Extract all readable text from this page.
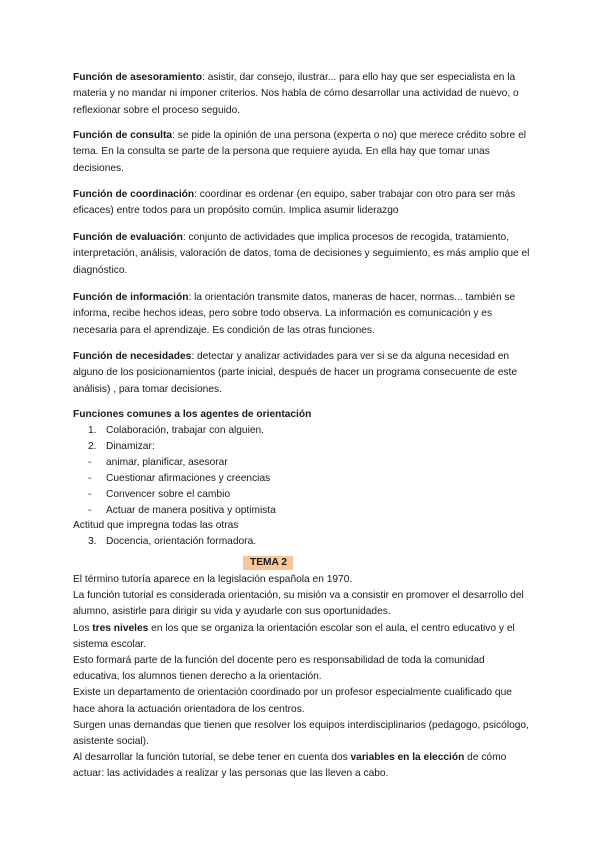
Función de asesoramiento: asistir, dar consejo, ilustrar... para ello hay que ser especialista en la materia y no mandar ni imponer criterios. Nos habla de cómo desarrollar una actividad de nuevo, o reflexionar sobre el proceso seguido.

Función de consulta: se pide la opinión de una persona (experta o no) que merece crédito sobre el tema. En la consulta se parte de la persona que requiere ayuda. En ella hay que tomar unas decisiones.

Función de coordinación: coordinar es ordenar (en equipo, saber trabajar con otro para ser más eficaces) entre todos para un propósito común. Implica asumir liderazgo

Función de evaluación: conjunto de actividades que implica procesos de recogida, tratamiento, interpretación, análisis, valoración de datos, toma de decisiones y seguimiento, es más amplio que el diagnóstico.

Función de información: la orientación transmite datos, maneras de hacer, normas... también se informa, recibe hechos ideas, pero sobre todo observa. La información es comunicación y es necesaria para el aprendizaje. Es condición de las otras funciones.

Función de necesidades: detectar y analizar actividades para ver si se da alguna necesidad en alguno de los posicionamientos (parte inicial, después de hacer un programa consecuente de este análisis) , para tomar decisiones.

Funciones comunes a los agentes de orientación

1. Colaboración, trabajar con alguien.
2. Dinamizar:
- animar, planificar, asesorar
- Cuestionar afirmaciones y creencias
- Convencer sobre el cambio
- Actuar de manera positiva y optimista

Actitud que impregna todas las otras

3. Docencia, orientación formadora.
TEMA 2

El término tutoría aparece en la legislación española en 1970.

La función tutorial es considerada orientación, su misión va a consistir en promover el desarrollo del alumno, asistirle para dirigir su vida y ayudarle con sus oportunidades.

Los tres niveles en los que se organiza la orientación escolar son el aula, el centro educativo y el sistema escolar.

Esto formará parte de la función del docente pero es responsabilidad de toda la comunidad educativa, los alumnos tienen derecho a la orientación.

Existe un departamento de orientación coordinado por un profesor especialmente cualificado que hace ahora la actuación orientadora de los centros.

Surgen unas demandas que tienen que resolver los equipos interdisciplinarios (pedagogo, psicólogo, asistente social).

Al desarrollar la función tutorial, se debe tener en cuenta dos variables en la elección de cómo actuar: las actividades a realizar y las personas que las lleven a cabo.
